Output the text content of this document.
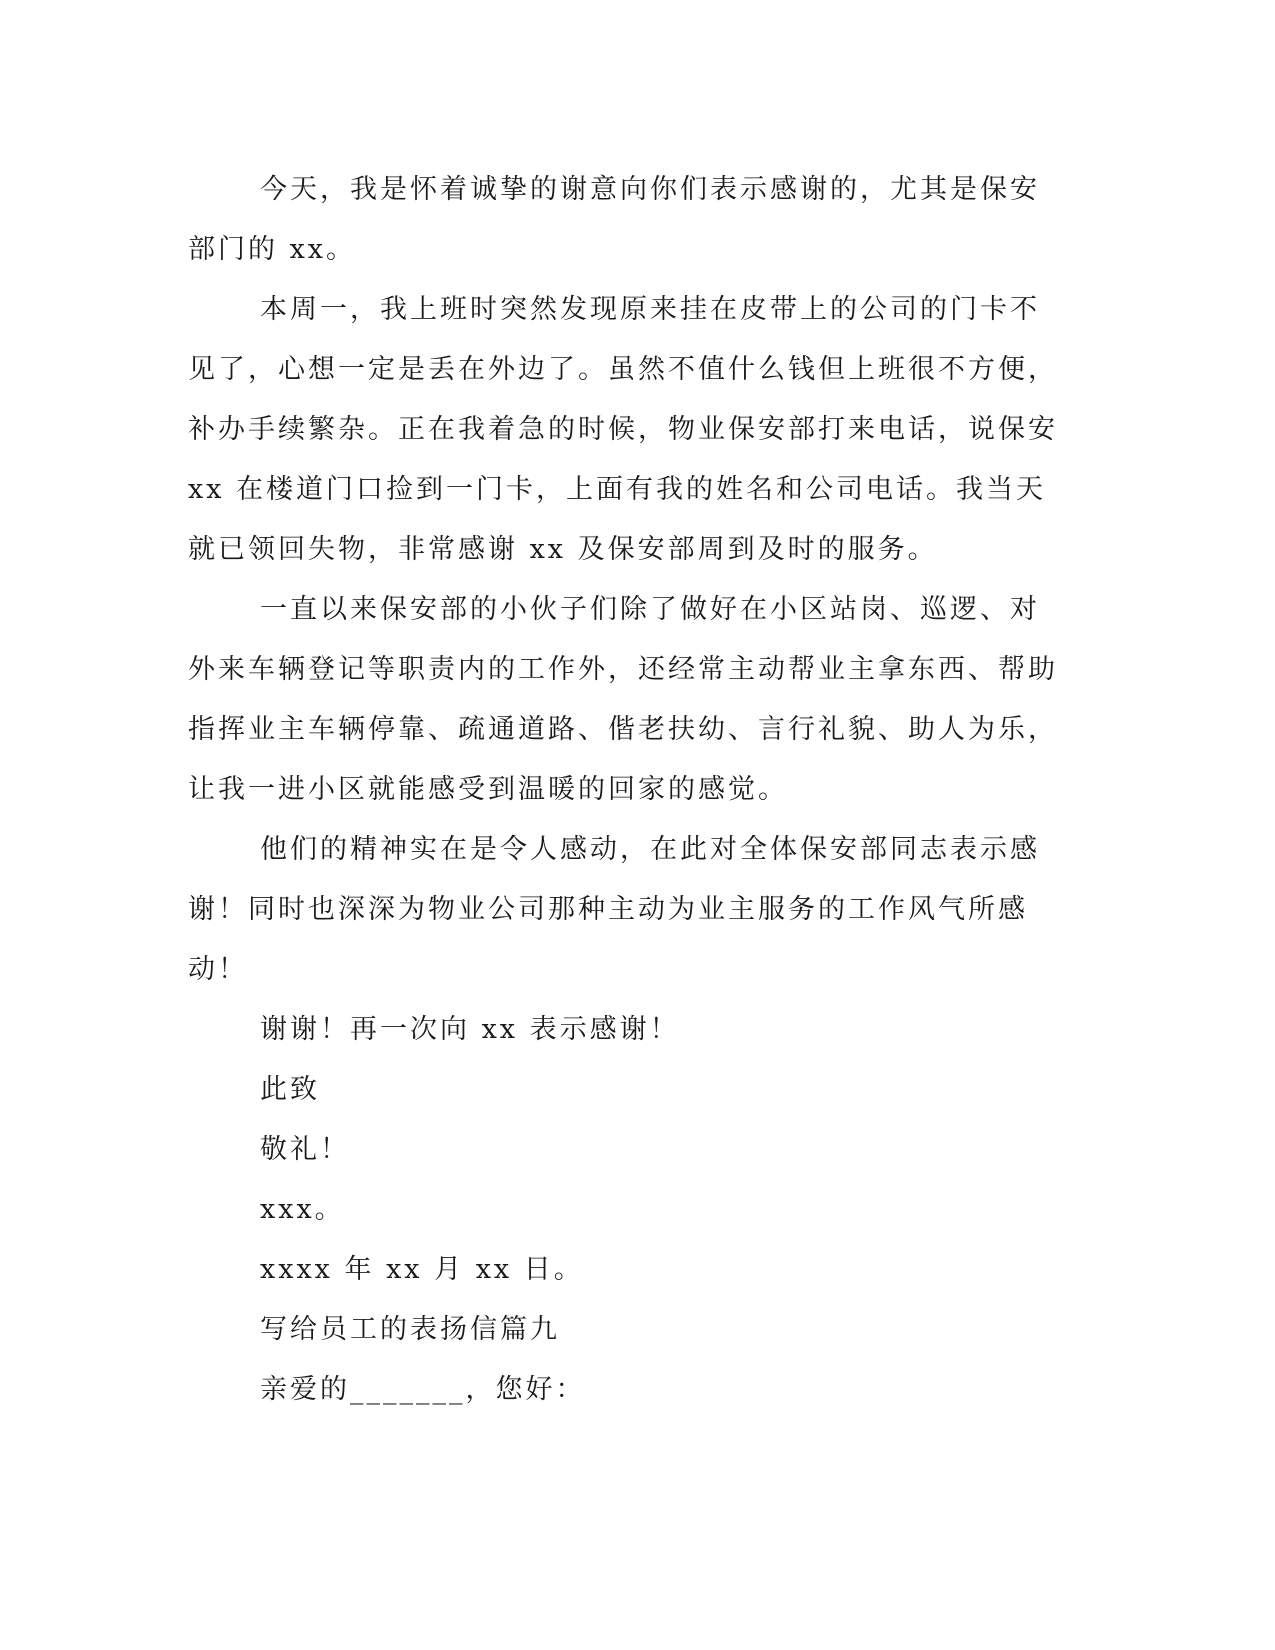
今天，我是怀着诚挚的谢意向你们表示感谢的，尤其是保安部门的 xx。

本周一，我上班时突然发现原来挂在皮带上的公司的门卡不见了，心想一定是丢在外边了。虽然不值什么钱但上班很不方便，补办手续繁杂。正在我着急的时候，物业保安部打来电话，说保安 xx 在楼道门口捡到一门卡，上面有我的姓名和公司电话。我当天就已领回失物，非常感谢 xx 及保安部周到及时的服务。

一直以来保安部的小伙子们除了做好在小区站岗、巡逻、对外来车辆登记等职责内的工作外，还经常主动帮业主拿东西、帮助指挥业主车辆停靠、疏通道路、偕老扶幼、言行礼貌、助人为乐，让我一进小区就能感受到温暖的回家的感觉。

他们的精神实在是令人感动，在此对全体保安部同志表示感谢！同时也深深为物业公司那种主动为业主服务的工作风气所感动！

谢谢！再一次向 xx 表示感谢！

此致

敬礼！

xxx。

xxxx 年 xx 月 xx 日。

写给员工的表扬信篇九

亲爱的_______，您好：
